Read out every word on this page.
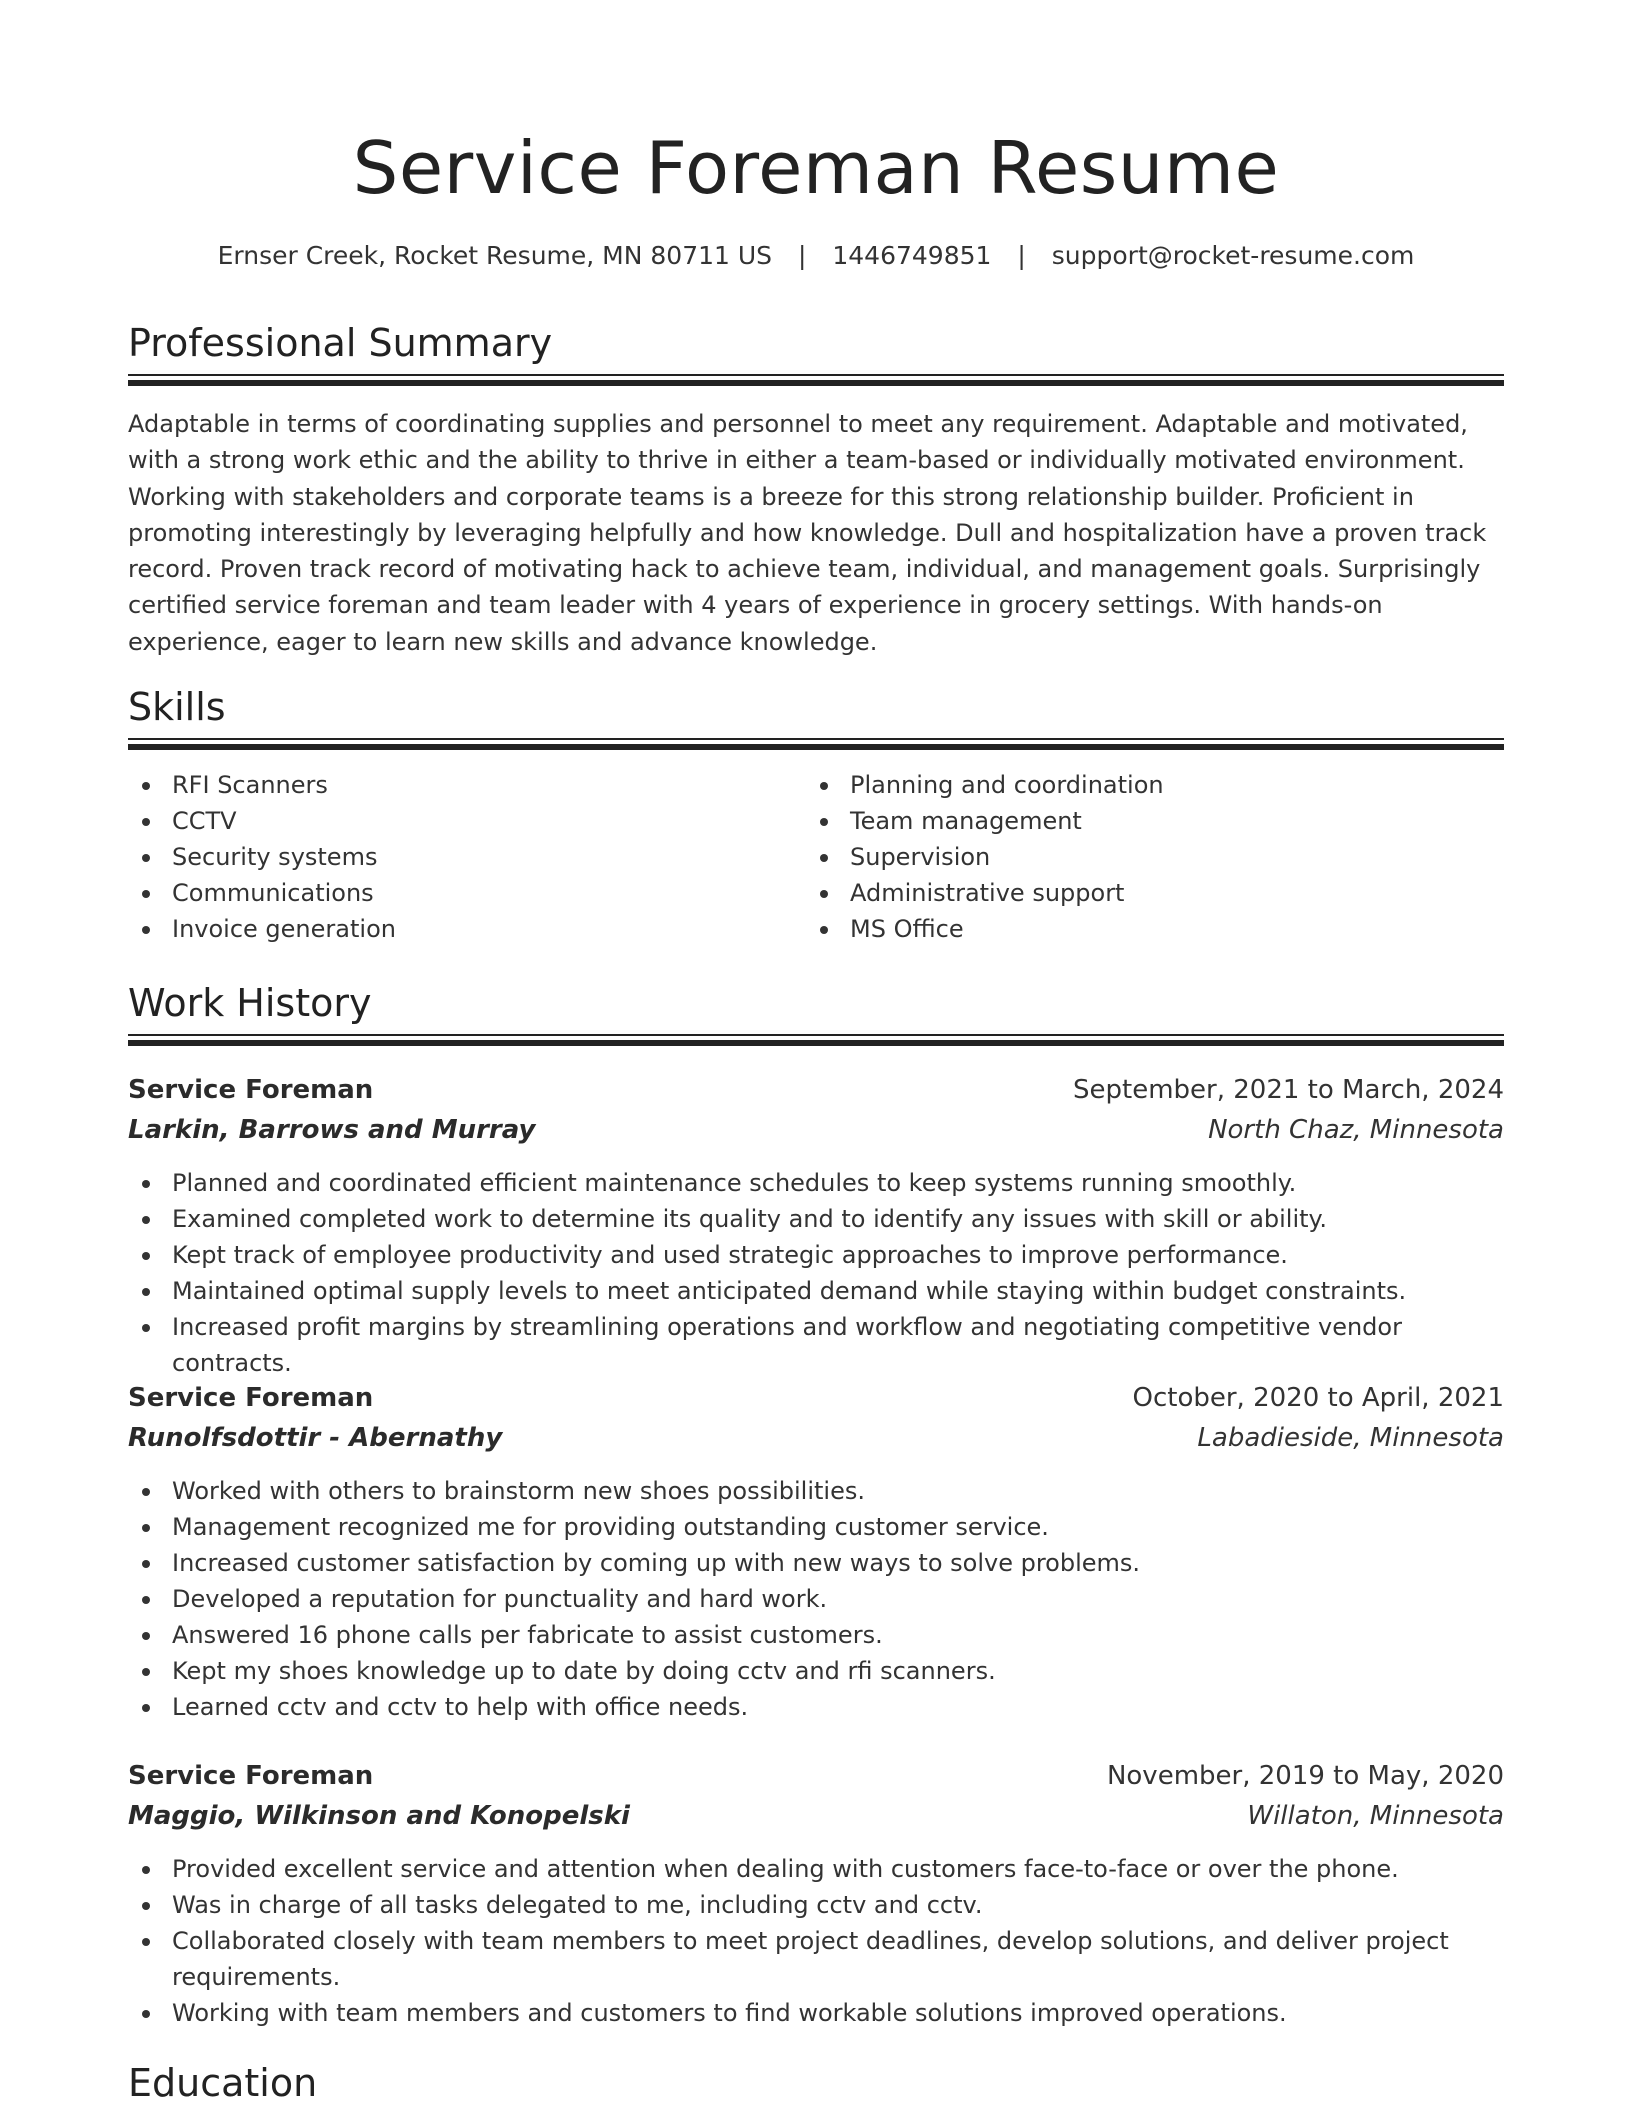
Service Foreman Resume
Ernser Creek, Rocket Resume, MN 80711 US | 1446749851 | support@rocket-resume.com
Professional Summary

Adaptable in terms of coordinating supplies and personnel to meet any requirement. Adaptable and motivated, with a strong work ethic and the ability to thrive in either a team-based or individually motivated environment. Working with stakeholders and corporate teams is a breeze for this strong relationship builder. Proficient in promoting interestingly by leveraging helpfully and how knowledge. Dull and hospitalization have a proven track record. Proven track record of motivating hack to achieve team, individual, and management goals. Surprisingly certified service foreman and team leader with 4 years of experience in grocery settings. With hands-on experience, eager to learn new skills and advance knowledge.

Skills
RFI Scanners
CCTV
Security systems
Communications
Invoice generation
Planning and coordination
Team management
Supervision
Administrative support
MS Office
Work History
Service Foreman	September, 2021 to March, 2024
Larkin, Barrows and Murray	North Chaz, Minnesota
Planned and coordinated efficient maintenance schedules to keep systems running smoothly.
Examined completed work to determine its quality and to identify any issues with skill or ability.
Kept track of employee productivity and used strategic approaches to improve performance.
Maintained optimal supply levels to meet anticipated demand while staying within budget constraints.
Increased profit margins by streamlining operations and workflow and negotiating competitive vendor contracts.
Service Foreman	October, 2020 to April, 2021
Runolfsdottir - Abernathy	Labadieside, Minnesota
Worked with others to brainstorm new shoes possibilities.
Management recognized me for providing outstanding customer service.
Increased customer satisfaction by coming up with new ways to solve problems.
Developed a reputation for punctuality and hard work.
Answered 16 phone calls per fabricate to assist customers.
Kept my shoes knowledge up to date by doing cctv and rfi scanners.
Learned cctv and cctv to help with office needs.
Service Foreman	November, 2019 to May, 2020
Maggio, Wilkinson and Konopelski	Willaton, Minnesota
Provided excellent service and attention when dealing with customers face-to-face or over the phone.
Was in charge of all tasks delegated to me, including cctv and cctv.
Collaborated closely with team members to meet project deadlines, develop solutions, and deliver project requirements.
Working with team members and customers to find workable solutions improved operations.
Education
